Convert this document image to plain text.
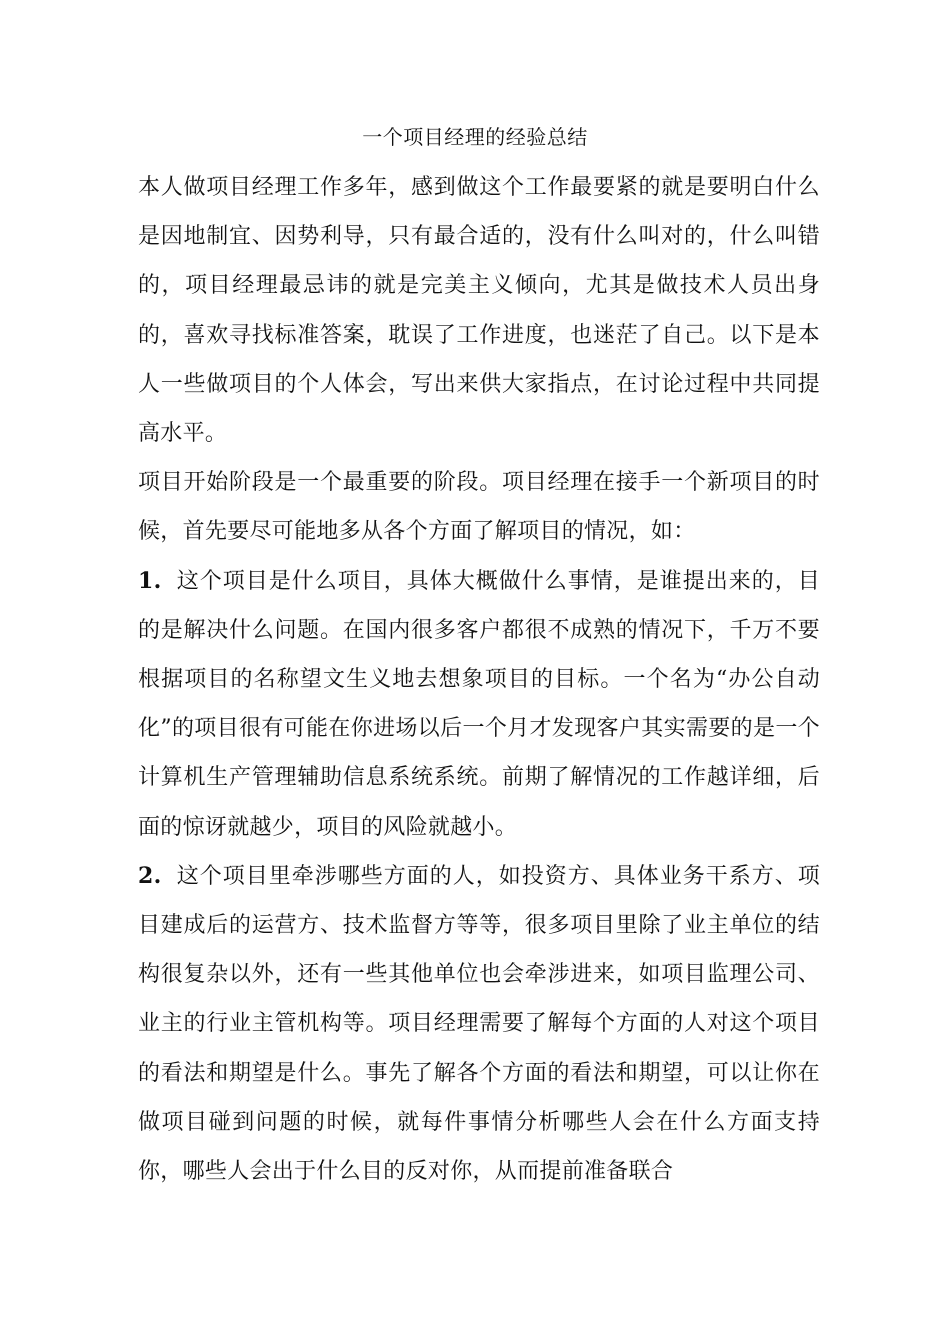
一个项目经理的经验总结

本人做项目经理工作多年，感到做这个工作最要紧的就是要明白什么是因地制宜、因势利导，只有最合适的，没有什么叫对的，什么叫错的，项目经理最忌讳的就是完美主义倾向，尤其是做技术人员出身的，喜欢寻找标准答案，耽误了工作进度，也迷茫了自己。以下是本人一些做项目的个人体会，写出来供大家指点，在讨论过程中共同提高水平。

项目开始阶段是一个最重要的阶段。项目经理在接手一个新项目的时候，首先要尽可能地多从各个方面了解项目的情况，如：

1. 这个项目是什么项目，具体大概做什么事情，是谁提出来的，目的是解决什么问题。在国内很多客户都很不成熟的情况下，千万不要根据项目的名称望文生义地去想象项目的目标。一个名为“办公自动化”的项目很有可能在你进场以后一个月才发现客户其实需要的是一个计算机生产管理辅助信息系统系统。前期了解情况的工作越详细，后面的惊讶就越少，项目的风险就越小。

2. 这个项目里牵涉哪些方面的人，如投资方、具体业务干系方、项目建成后的运营方、技术监督方等等，很多项目里除了业主单位的结构很复杂以外，还有一些其他单位也会牵涉进来，如项目监理公司、业主的行业主管机构等。项目经理需要了解每个方面的人对这个项目的看法和期望是什么。事先了解各个方面的看法和期望，可以让你在做项目碰到问题的时候，就每件事情分析哪些人会在什么方面支持你，哪些人会出于什么目的反对你，从而提前准备联合
